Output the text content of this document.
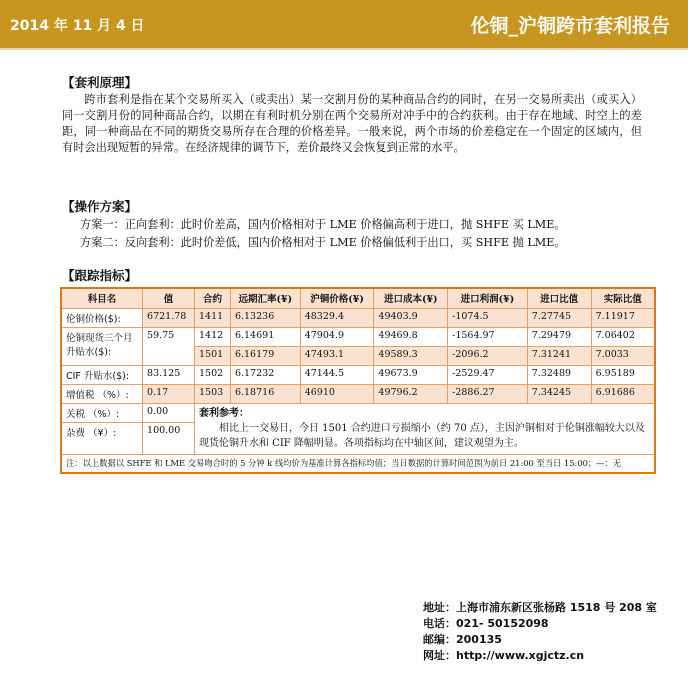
2014 年 11 月 4 日	伦铜_沪铜跨市套利报告
【套利原理】
跨市套利是指在某个交易所买入（或卖出）某一交割月份的某种商品合约的同时，在另一交易所卖出（或买入）同一交割月份的同种商品合约，以期在有利时机分别在两个交易所对冲手中的合约获利。由于存在地域、时空上的差距，同一种商品在不同的期货交易所存在合理的价格差异。一般来说，两个市场的价差稳定在一个固定的区域内，但有时会出现短暂的异常。在经济规律的调节下，差价最终又会恢复到正常的水平。
【操作方案】
方案一：正向套利：此时价差高，国内价格相对于 LME 价格偏高利于进口，抛 SHFE 买 LME。
方案二：反向套利：此时价差低，国内价格相对于 LME 价格偏低利于出口，买 SHFE 抛 LME。
【跟踪指标】
科目名	值	合约	远期汇率(¥)	沪铜价格(¥)	进口成本(¥)	进口利润(¥)	进口比值	实际比值
伦铜价格($):	6721.78	1411	6.13236	48329.4	49403.9	-1074.5	7.27745	7.11917
伦铜现货三个月升贴水($):	59.75	1412	6.14691	47904.9	49469.8	-1564.97	7.29479	7.06402
		1501	6.16179	47493.1	49589.3	-2096.2	7.31241	7.0033
CIF 升贴水($):	83.125	1502	6.17232	47144.5	49673.9	-2529.47	7.32489	6.95189
增值税 （%）:	0.17	1503	6.18716	46910	49796.2	-2886.27	7.34245	6.91686
关税 （%）:	0.00	套利参考：
相比上一交易日，今日 1501 合约进口亏损缩小（约 70 点），主因沪铜相对于伦铜涨幅较大以及现货伦铜升水和 CIF 降幅明显。各项指标均在中轴区间，建议观望为主。						

杂费 （¥）:	100.00							
注：以上数据以 SHFE 和 LME 交易吻合时的 5 分钟 k 线均价为基准计算各指标均值；当日数据的计算时间范围为前日 21:00 至当日 15:00；—：无								
地址：上海市浦东新区张杨路 1518 号 208 室
电话：021- 50152098
邮编：200135
网址：http://www.xgjctz.cn
